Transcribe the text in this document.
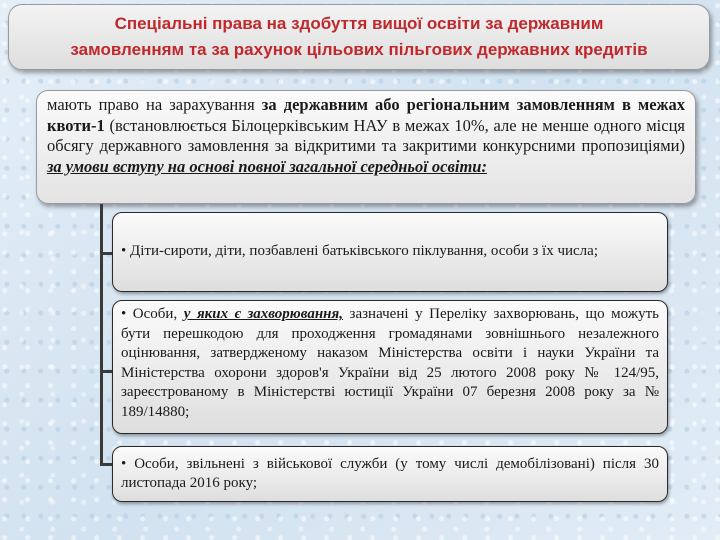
Спеціальні права на здобуття вищої освіти за державним
замовленням та за рахунок цільових пільгових державних кредитів

мають право на зарахування за державним або регіональним замовленням в межах квоти-1 (встановлюється Білоцерківським НАУ в межах 10%, але не менше одного місця обсягу державного замовлення за відкритими та закритими конкурсними пропозиціями) за умови вступу на основі повної загальної середньої освіти:

• Діти-сироти, діти, позбавлені батьківського піклування, особи з їх числа;

• Особи, у яких є захворювання, зазначені у Переліку захворювань, що можуть бути перешкодою для проходження громадянами зовнішнього незалежного оцінювання, затвердженому наказом Міністерства освіти і науки України та Міністерства охорони здоров'я України від 25 лютого 2008 року № 124/95, зареєстрованому в Міністерстві юстиції України 07 березня 2008 року за № 189/14880;

• Особи, звільнені з військової служби (у тому числі демобілізовані) після 30 листопада 2016 року;
